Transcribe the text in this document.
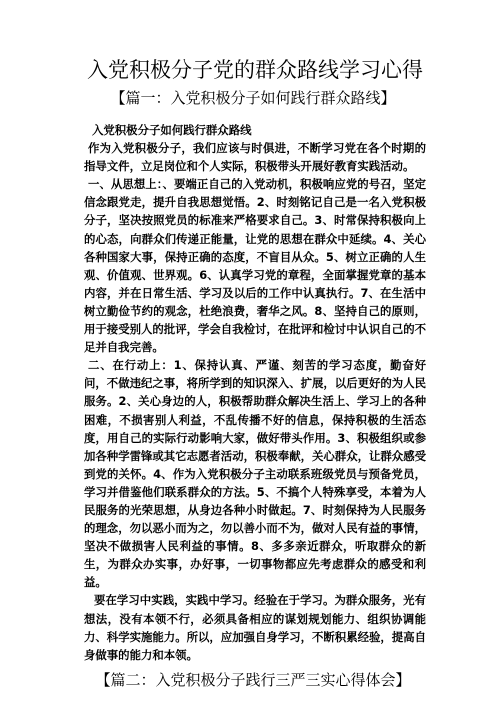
入党积极分子党的群众路线学习心得
【篇一：入党积极分子如何践行群众路线】

入党积极分子如何践行群众路线

作为入党积极分子，我们应该与时俱进，不断学习党在各个时期的指导文件，立足岗位和个人实际，积极带头开展好教育实践活动。

一、从思想上：、要端正自己的入党动机，积极响应党的号召，坚定信念跟党走，提升自我思想觉悟。2、时刻铭记自己是一名入党积极分子，坚决按照党员的标准来严格要求自己。3、时常保持积极向上的心态，向群众们传递正能量，让党的思想在群众中延续。4、关心各种国家大事，保持正确的态度，不盲目从众。5、树立正确的人生观、价值观、世界观。6、认真学习党的章程，全面掌握党章的基本内容，并在日常生活、学习及以后的工作中认真执行。7、在生活中树立勤俭节约的观念，杜绝浪费，奢华之风。8、坚持自己的原则，用于接受别人的批评，学会自我检讨，在批评和检讨中认识自己的不足并自我完善。

二、在行动上：1、保持认真、严谨、刻苦的学习态度，勤奋好问，不做违纪之事，将所学到的知识深入、扩展，以后更好的为人民服务。2、关心身边的人，积极帮助群众解决生活上、学习上的各种困难，不损害别人利益，不乱传播不好的信息，保持积极的生活态度，用自己的实际行动影响大家，做好带头作用。3、积极组织或参加各种学雷锋或其它志愿者活动，积极奉献，关心群众，让群众感受到党的关怀。4、作为入党积极分子主动联系班级党员与预备党员，学习并借鉴他们联系群众的方法。5、不搞个人特殊享受，本着为人民服务的光荣思想，从身边各种小时做起。7、时刻保持为人民服务的理念，勿以恶小而为之，勿以善小而不为，做对人民有益的事情，坚决不做损害人民利益的事情。8、多多亲近群众，听取群众的新生，为群众办实事，办好事，一切事物都应先考虑群众的感受和利益。

要在学习中实践，实践中学习。经验在于学习。为群众服务，光有想法，没有本领不行，必须具备相应的谋划规划能力、组织协调能力、科学实施能力。所以，应加强自身学习，不断积累经验，提高自身做事的能力和本领。

【篇二：入党积极分子践行三严三实心得体会】
